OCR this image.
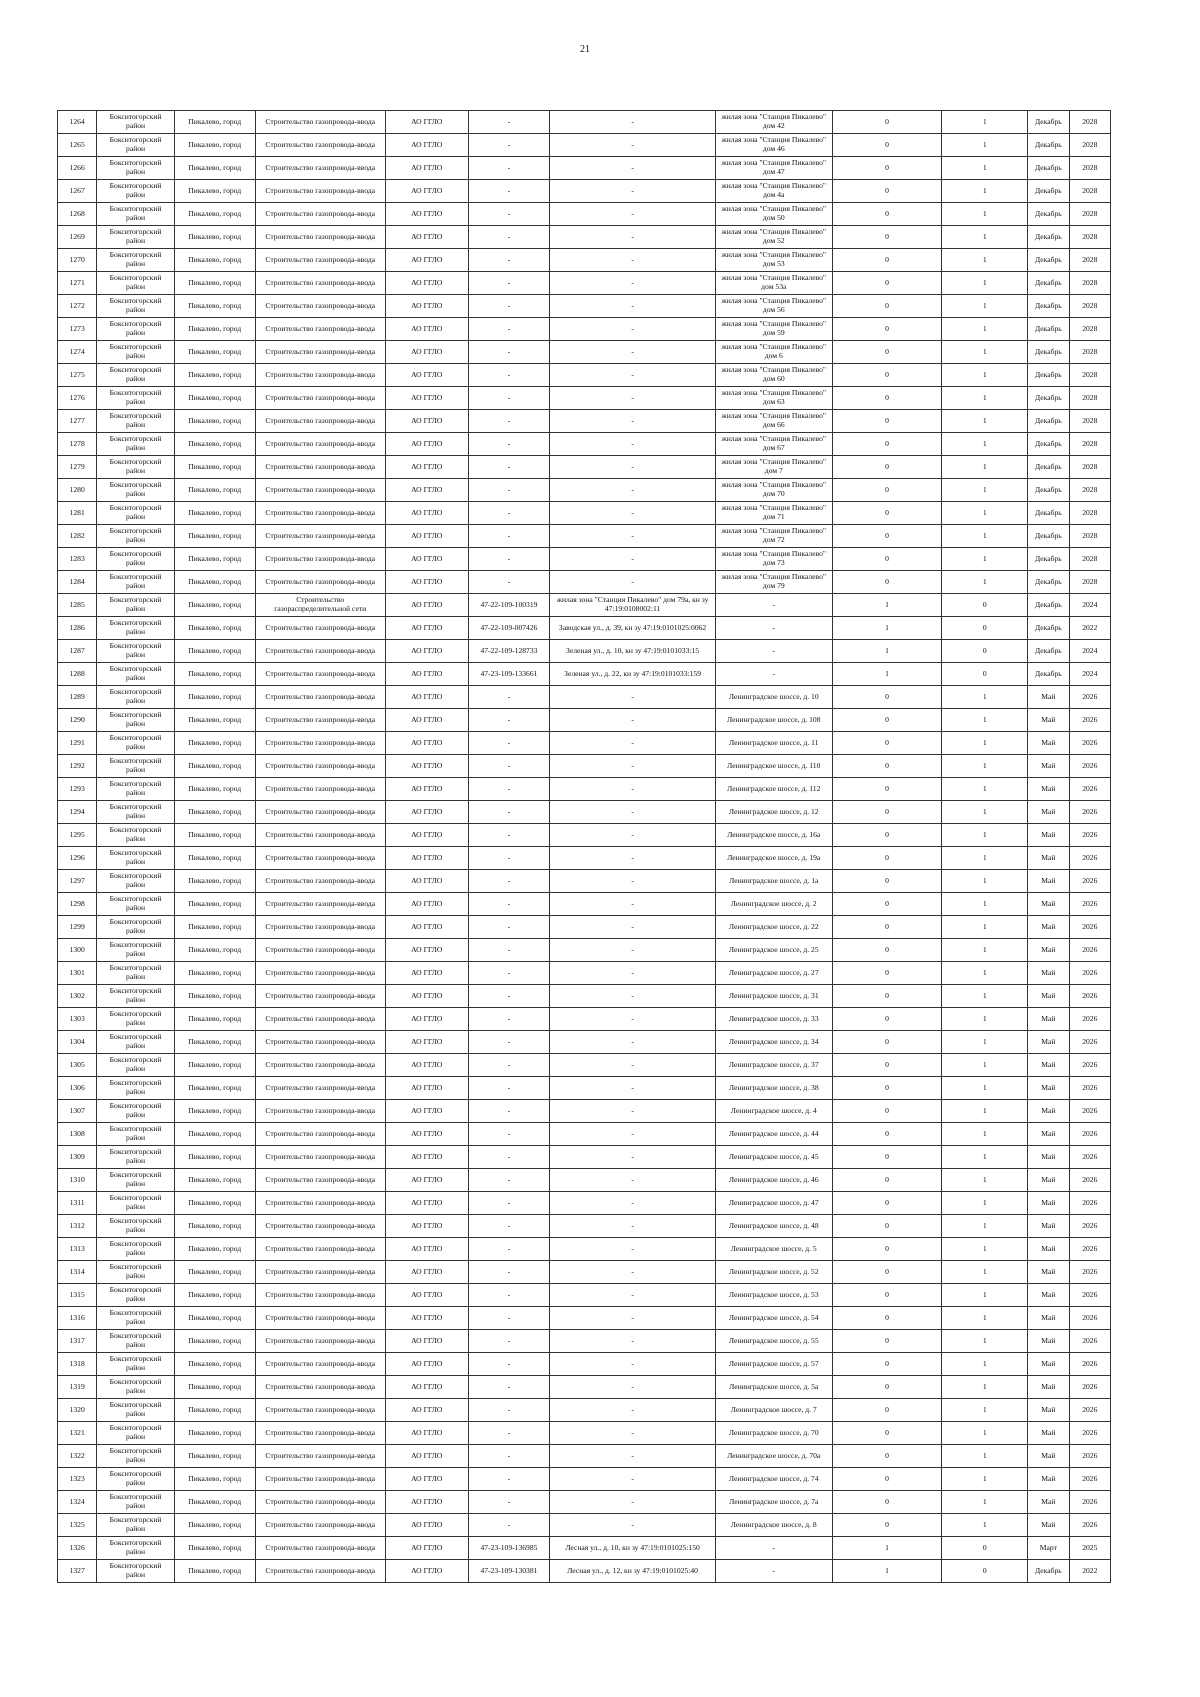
21
1264	Бокситогорский район	Пикалево, город	Строительство газопровода-ввода	АО ГГЛО	-	-	жилая зона "Станция Пикалево" дом 42	0	1	Декабрь	2028
1265	Бокситогорский район	Пикалево, город	Строительство газопровода-ввода	АО ГГЛО	-	-	жилая зона "Станция Пикалево" дом 46	0	1	Декабрь	2028
1266	Бокситогорский район	Пикалево, город	Строительство газопровода-ввода	АО ГГЛО	-	-	жилая зона "Станция Пикалево" дом 47	0	1	Декабрь	2028
1267	Бокситогорский район	Пикалево, город	Строительство газопровода-ввода	АО ГГЛО	-	-	жилая зона "Станция Пикалево" дом 4а	0	1	Декабрь	2028
1268	Бокситогорский район	Пикалево, город	Строительство газопровода-ввода	АО ГГЛО	-	-	жилая зона "Станция Пикалево" дом 50	0	1	Декабрь	2028
1269	Бокситогорский район	Пикалево, город	Строительство газопровода-ввода	АО ГГЛО	-	-	жилая зона "Станция Пикалево" дом 52	0	1	Декабрь	2028
1270	Бокситогорский район	Пикалево, город	Строительство газопровода-ввода	АО ГГЛО	-	-	жилая зона "Станция Пикалево" дом 53	0	1	Декабрь	2028
1271	Бокситогорский район	Пикалево, город	Строительство газопровода-ввода	АО ГГЛО	-	-	жилая зона "Станция Пикалево" дом 53а	0	1	Декабрь	2028
1272	Бокситогорский район	Пикалево, город	Строительство газопровода-ввода	АО ГГЛО	-	-	жилая зона "Станция Пикалево" дом 56	0	1	Декабрь	2028
1273	Бокситогорский район	Пикалево, город	Строительство газопровода-ввода	АО ГГЛО	-	-	жилая зона "Станция Пикалево" дом 59	0	1	Декабрь	2028
1274	Бокситогорский район	Пикалево, город	Строительство газопровода-ввода	АО ГГЛО	-	-	жилая зона "Станция Пикалево" дом 6	0	1	Декабрь	2028
1275	Бокситогорский район	Пикалево, город	Строительство газопровода-ввода	АО ГГЛО	-	-	жилая зона "Станция Пикалево" дом 60	0	1	Декабрь	2028
1276	Бокситогорский район	Пикалево, город	Строительство газопровода-ввода	АО ГГЛО	-	-	жилая зона "Станция Пикалево" дом 63	0	1	Декабрь	2028
1277	Бокситогорский район	Пикалево, город	Строительство газопровода-ввода	АО ГГЛО	-	-	жилая зона "Станция Пикалево" дом 66	0	1	Декабрь	2028
1278	Бокситогорский район	Пикалево, город	Строительство газопровода-ввода	АО ГГЛО	-	-	жилая зона "Станция Пикалево" дом 67	0	1	Декабрь	2028
1279	Бокситогорский район	Пикалево, город	Строительство газопровода-ввода	АО ГГЛО	-	-	жилая зона "Станция Пикалево" дом 7	0	1	Декабрь	2028
1280	Бокситогорский район	Пикалево, город	Строительство газопровода-ввода	АО ГГЛО	-	-	жилая зона "Станция Пикалево" дом 70	0	1	Декабрь	2028
1281	Бокситогорский район	Пикалево, город	Строительство газопровода-ввода	АО ГГЛО	-	-	жилая зона "Станция Пикалево" дом 71	0	1	Декабрь	2028
1282	Бокситогорский район	Пикалево, город	Строительство газопровода-ввода	АО ГГЛО	-	-	жилая зона "Станция Пикалево" дом 72	0	1	Декабрь	2028
1283	Бокситогорский район	Пикалево, город	Строительство газопровода-ввода	АО ГГЛО	-	-	жилая зона "Станция Пикалево" дом 73	0	1	Декабрь	2028
1284	Бокситогорский район	Пикалево, город	Строительство газопровода-ввода	АО ГГЛО	-	-	жилая зона "Станция Пикалево" дом 79	0	1	Декабрь	2028
1285	Бокситогорский район	Пикалево, город	Строительство газораспределительной сети	АО ГГЛО	47-22-109-100319	жилая зона "Станция Пикалево" дом 79а, кн зу 47:19:0108002:11	-	1	0	Декабрь	2024
1286	Бокситогорский район	Пикалево, город	Строительство газопровода-ввода	АО ГГЛО	47-22-109-007426	Заводская ул., д. 39, кн зу 47:19:0101025:0062	-	1	0	Декабрь	2022
1287	Бокситогорский район	Пикалево, город	Строительство газопровода-ввода	АО ГГЛО	47-22-109-128733	Зеленая ул., д. 10, кн зу 47:19:0101033:15	-	1	0	Декабрь	2024
1288	Бокситогорский район	Пикалево, город	Строительство газопровода-ввода	АО ГГЛО	47-23-109-133661	Зеленая ул., д. 22, кн зу 47:19:0101033:159	-	1	0	Декабрь	2024
1289	Бокситогорский район	Пикалево, город	Строительство газопровода-ввода	АО ГГЛО	-	-	Ленинградское шоссе, д. 10	0	1	Май	2026
1290	Бокситогорский район	Пикалево, город	Строительство газопровода-ввода	АО ГГЛО	-	-	Ленинградское шоссе, д. 108	0	1	Май	2026
1291	Бокситогорский район	Пикалево, город	Строительство газопровода-ввода	АО ГГЛО	-	-	Ленинградское шоссе, д. 11	0	1	Май	2026
1292	Бокситогорский район	Пикалево, город	Строительство газопровода-ввода	АО ГГЛО	-	-	Ленинградское шоссе, д. 110	0	1	Май	2026
1293	Бокситогорский район	Пикалево, город	Строительство газопровода-ввода	АО ГГЛО	-	-	Ленинградское шоссе, д. 112	0	1	Май	2026
1294	Бокситогорский район	Пикалево, город	Строительство газопровода-ввода	АО ГГЛО	-	-	Ленинградское шоссе, д. 12	0	1	Май	2026
1295	Бокситогорский район	Пикалево, город	Строительство газопровода-ввода	АО ГГЛО	-	-	Ленинградское шоссе, д. 16а	0	1	Май	2026
1296	Бокситогорский район	Пикалево, город	Строительство газопровода-ввода	АО ГГЛО	-	-	Ленинградское шоссе, д. 19а	0	1	Май	2026
1297	Бокситогорский район	Пикалево, город	Строительство газопровода-ввода	АО ГГЛО	-	-	Ленинградское шоссе, д. 1а	0	1	Май	2026
1298	Бокситогорский район	Пикалево, город	Строительство газопровода-ввода	АО ГГЛО	-	-	Ленинградское шоссе, д. 2	0	1	Май	2026
1299	Бокситогорский район	Пикалево, город	Строительство газопровода-ввода	АО ГГЛО	-	-	Ленинградское шоссе, д. 22	0	1	Май	2026
1300	Бокситогорский район	Пикалево, город	Строительство газопровода-ввода	АО ГГЛО	-	-	Ленинградское шоссе, д. 25	0	1	Май	2026
1301	Бокситогорский район	Пикалево, город	Строительство газопровода-ввода	АО ГГЛО	-	-	Ленинградское шоссе, д. 27	0	1	Май	2026
1302	Бокситогорский район	Пикалево, город	Строительство газопровода-ввода	АО ГГЛО	-	-	Ленинградское шоссе, д. 31	0	1	Май	2026
1303	Бокситогорский район	Пикалево, город	Строительство газопровода-ввода	АО ГГЛО	-	-	Ленинградское шоссе, д. 33	0	1	Май	2026
1304	Бокситогорский район	Пикалево, город	Строительство газопровода-ввода	АО ГГЛО	-	-	Ленинградское шоссе, д. 34	0	1	Май	2026
1305	Бокситогорский район	Пикалево, город	Строительство газопровода-ввода	АО ГГЛО	-	-	Ленинградское шоссе, д. 37	0	1	Май	2026
1306	Бокситогорский район	Пикалево, город	Строительство газопровода-ввода	АО ГГЛО	-	-	Ленинградское шоссе, д. 38	0	1	Май	2026
1307	Бокситогорский район	Пикалево, город	Строительство газопровода-ввода	АО ГГЛО	-	-	Ленинградское шоссе, д. 4	0	1	Май	2026
1308	Бокситогорский район	Пикалево, город	Строительство газопровода-ввода	АО ГГЛО	-	-	Ленинградское шоссе, д. 44	0	1	Май	2026
1309	Бокситогорский район	Пикалево, город	Строительство газопровода-ввода	АО ГГЛО	-	-	Ленинградское шоссе, д. 45	0	1	Май	2026
1310	Бокситогорский район	Пикалево, город	Строительство газопровода-ввода	АО ГГЛО	-	-	Ленинградское шоссе, д. 46	0	1	Май	2026
1311	Бокситогорский район	Пикалево, город	Строительство газопровода-ввода	АО ГГЛО	-	-	Ленинградское шоссе, д. 47	0	1	Май	2026
1312	Бокситогорский район	Пикалево, город	Строительство газопровода-ввода	АО ГГЛО	-	-	Ленинградское шоссе, д. 48	0	1	Май	2026
1313	Бокситогорский район	Пикалево, город	Строительство газопровода-ввода	АО ГГЛО	-	-	Ленинградское шоссе, д. 5	0	1	Май	2026
1314	Бокситогорский район	Пикалево, город	Строительство газопровода-ввода	АО ГГЛО	-	-	Ленинградское шоссе, д. 52	0	1	Май	2026
1315	Бокситогорский район	Пикалево, город	Строительство газопровода-ввода	АО ГГЛО	-	-	Ленинградское шоссе, д. 53	0	1	Май	2026
1316	Бокситогорский район	Пикалево, город	Строительство газопровода-ввода	АО ГГЛО	-	-	Ленинградское шоссе, д. 54	0	1	Май	2026
1317	Бокситогорский район	Пикалево, город	Строительство газопровода-ввода	АО ГГЛО	-	-	Ленинградское шоссе, д. 55	0	1	Май	2026
1318	Бокситогорский район	Пикалево, город	Строительство газопровода-ввода	АО ГГЛО	-	-	Ленинградское шоссе, д. 57	0	1	Май	2026
1319	Бокситогорский район	Пикалево, город	Строительство газопровода-ввода	АО ГГЛО	-	-	Ленинградское шоссе, д. 5а	0	1	Май	2026
1320	Бокситогорский район	Пикалево, город	Строительство газопровода-ввода	АО ГГЛО	-	-	Ленинградское шоссе, д. 7	0	1	Май	2026
1321	Бокситогорский район	Пикалево, город	Строительство газопровода-ввода	АО ГГЛО	-	-	Ленинградское шоссе, д. 70	0	1	Май	2026
1322	Бокситогорский район	Пикалево, город	Строительство газопровода-ввода	АО ГГЛО	-	-	Ленинградское шоссе, д. 70а	0	1	Май	2026
1323	Бокситогорский район	Пикалево, город	Строительство газопровода-ввода	АО ГГЛО	-	-	Ленинградское шоссе, д. 74	0	1	Май	2026
1324	Бокситогорский район	Пикалево, город	Строительство газопровода-ввода	АО ГГЛО	-	-	Ленинградское шоссе, д. 7а	0	1	Май	2026
1325	Бокситогорский район	Пикалево, город	Строительство газопровода-ввода	АО ГГЛО	-	-	Ленинградское шоссе, д. 8	0	1	Май	2026
1326	Бокситогорский район	Пикалево, город	Строительство газопровода-ввода	АО ГГЛО	47-23-109-136985	Лесная ул., д. 10, кн зу 47:19:0101025:150	-	1	0	Март	2025
1327	Бокситогорский район	Пикалево, город	Строительство газопровода-ввода	АО ГГЛО	47-23-109-130381	Лесная ул., д. 12, кн зу 47:19:0101025:40	-	1	0	Декабрь	2022
